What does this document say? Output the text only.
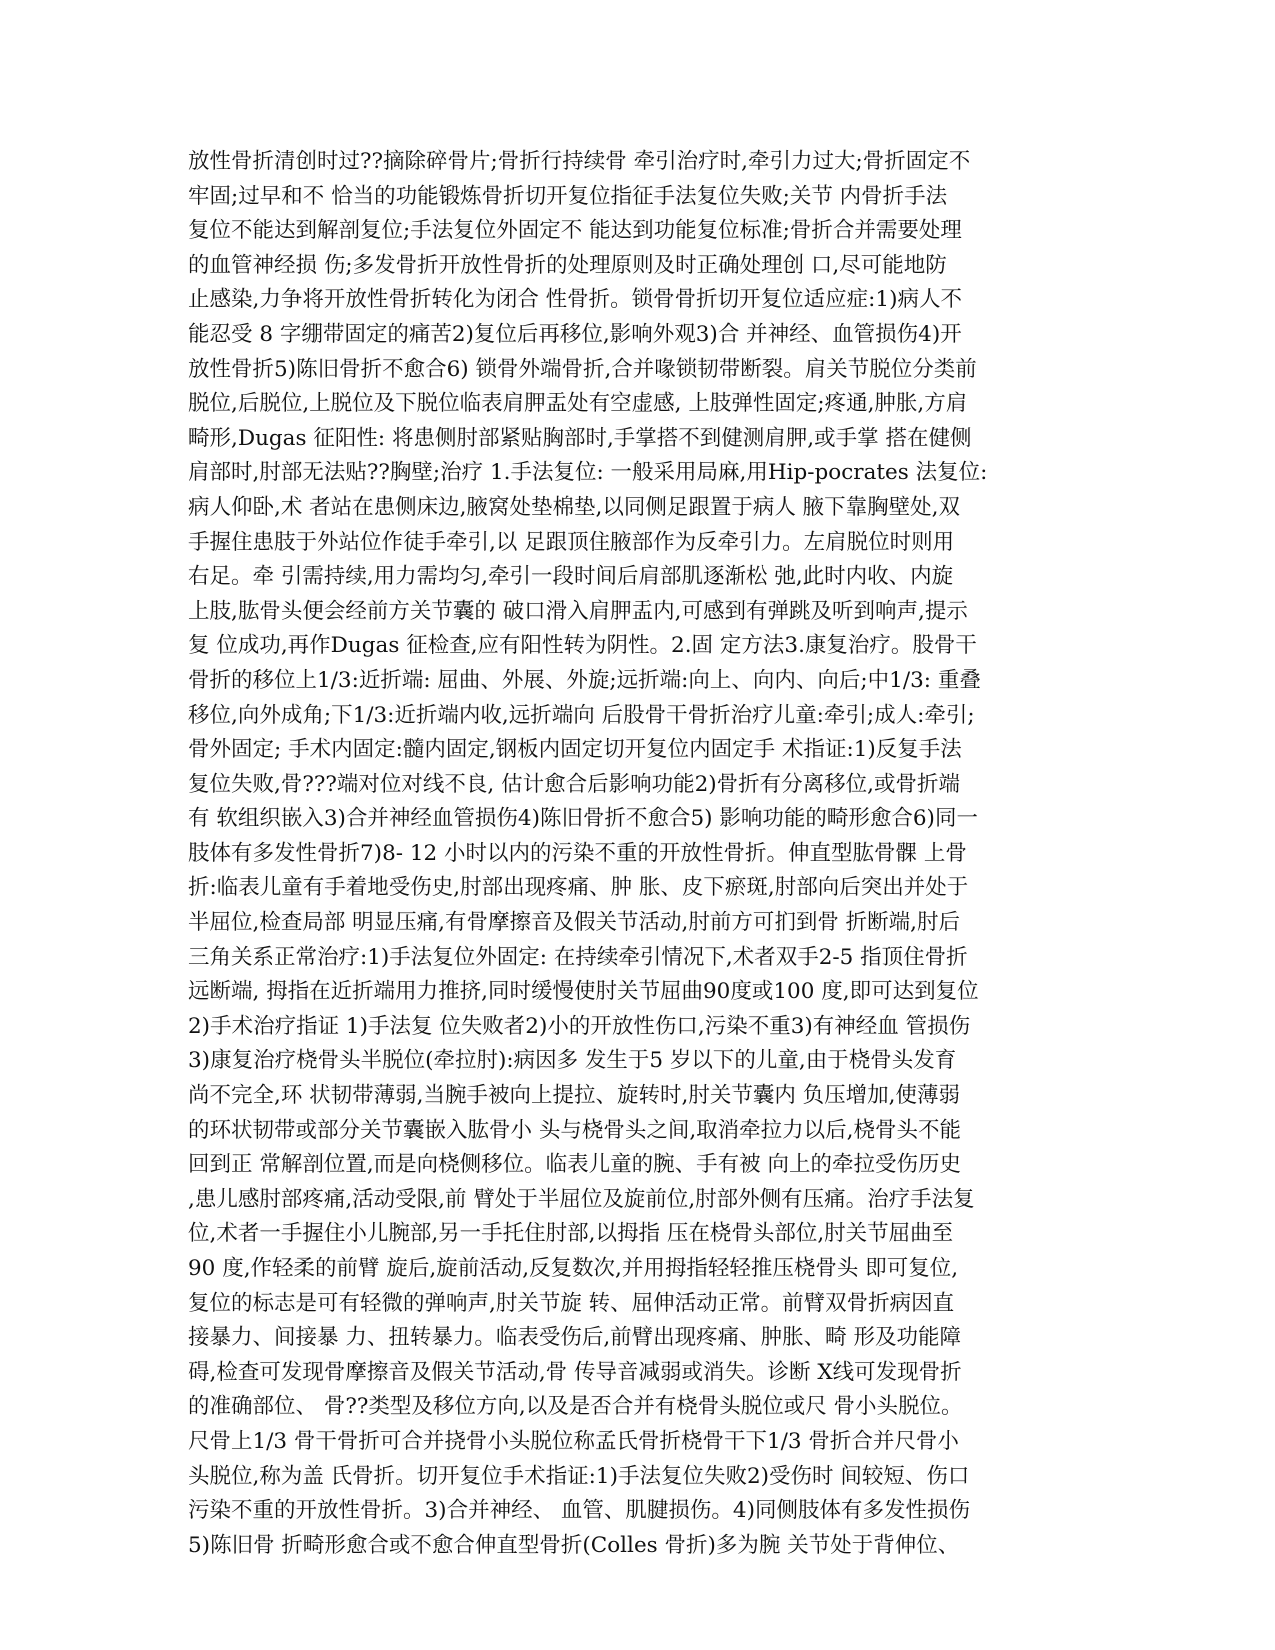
放性骨折清创时过??摘除碎骨片;骨折行持续骨 牵引治疗时,牵引力过大;骨折固定不
牢固;过早和不 恰当的功能锻炼骨折切开复位指征手法复位失败;关节 内骨折手法
复位不能达到解剖复位;手法复位外固定不 能达到功能复位标准;骨折合并需要处理
的血管神经损 伤;多发骨折开放性骨折的处理原则及时正确处理创 口,尽可能地防
止感染,力争将开放性骨折转化为闭合 性骨折。锁骨骨折切开复位适应症:1)病人不
能忍受 8 字绷带固定的痛苦2)复位后再移位,影响外观3)合 并神经、血管损伤4)开
放性骨折5)陈旧骨折不愈合6) 锁骨外端骨折,合并喙锁韧带断裂。肩关节脱位分类前
脱位,后脱位,上脱位及下脱位临表肩胛盂处有空虚感, 上肢弹性固定;疼通,肿胀,方肩
畸形,Dugas 征阳性: 将患侧肘部紧贴胸部时,手掌搭不到健测肩胛,或手掌 搭在健侧
肩部时,肘部无法贴??胸壁;治疗 1.手法复位: 一般采用局麻,用Hip-pocrates 法复位:
病人仰卧,术 者站在患侧床边,腋窝处垫棉垫,以同侧足跟置于病人 腋下靠胸壁处,双
手握住患肢于外站位作徒手牵引,以 足跟顶住腋部作为反牵引力。左肩脱位时则用
右足。牵 引需持续,用力需均匀,牵引一段时间后肩部肌逐渐松 弛,此时内收、内旋
上肢,肱骨头便会经前方关节囊的 破口滑入肩胛盂内,可感到有弹跳及听到响声,提示
复 位成功,再作Dugas 征检查,应有阳性转为阴性。2.固 定方法3.康复治疗。股骨干
骨折的移位上1/3:近折端: 屈曲、外展、外旋;远折端:向上、向内、向后;中1/3: 重叠
移位,向外成角;下1/3:近折端内收,远折端向 后股骨干骨折治疗儿童:牵引;成人:牵引;
骨外固定; 手术内固定:髓内固定,钢板内固定切开复位内固定手 术指证:1)反复手法
复位失败,骨???端对位对线不良, 估计愈合后影响功能2)骨折有分离移位,或骨折端
有 软组织嵌入3)合并神经血管损伤4)陈旧骨折不愈合5) 影响功能的畸形愈合6)同一
肢体有多发性骨折7)8- 12 小时以内的污染不重的开放性骨折。伸直型肱骨髁 上骨
折:临表儿童有手着地受伤史,肘部出现疼痛、肿 胀、皮下瘀斑,肘部向后突出并处于
半屈位,检查局部 明显压痛,有骨摩擦音及假关节活动,肘前方可扪到骨 折断端,肘后
三角关系正常治疗:1)手法复位外固定: 在持续牵引情况下,术者双手2-5 指顶住骨折
远断端, 拇指在近折端用力推挤,同时缓慢使肘关节屈曲90度或100 度,即可达到复位
2)手术治疗指证 1)手法复 位失败者2)小的开放性伤口,污染不重3)有神经血 管损伤
3)康复治疗桡骨头半脱位(牵拉肘):病因多 发生于5 岁以下的儿童,由于桡骨头发育
尚不完全,环 状韧带薄弱,当腕手被向上提拉、旋转时,肘关节囊内 负压增加,使薄弱
的环状韧带或部分关节囊嵌入肱骨小 头与桡骨头之间,取消牵拉力以后,桡骨头不能
回到正 常解剖位置,而是向桡侧移位。临表儿童的腕、手有被 向上的牵拉受伤历史
,患儿感肘部疼痛,活动受限,前 臂处于半屈位及旋前位,肘部外侧有压痛。治疗手法复
位,术者一手握住小儿腕部,另一手托住肘部,以拇指 压在桡骨头部位,肘关节屈曲至
90 度,作轻柔的前臂 旋后,旋前活动,反复数次,并用拇指轻轻推压桡骨头 即可复位,
复位的标志是可有轻微的弹响声,肘关节旋 转、屈伸活动正常。前臂双骨折病因直
接暴力、间接暴 力、扭转暴力。临表受伤后,前臂出现疼痛、肿胀、畸 形及功能障
碍,检查可发现骨摩擦音及假关节活动,骨 传导音减弱或消失。诊断 X线可发现骨折
的准确部位、 骨??类型及移位方向,以及是否合并有桡骨头脱位或尺 骨小头脱位。
尺骨上1/3 骨干骨折可合并挠骨小头脱位称孟氏骨折桡骨干下1/3 骨折合并尺骨小
头脱位,称为盖 氏骨折。切开复位手术指证:1)手法复位失败2)受伤时 间较短、伤口
污染不重的开放性骨折。3)合并神经、 血管、肌腱损伤。4)同侧肢体有多发性损伤
5)陈旧骨 折畸形愈合或不愈合伸直型骨折(Colles 骨折)多为腕 关节处于背伸位、
